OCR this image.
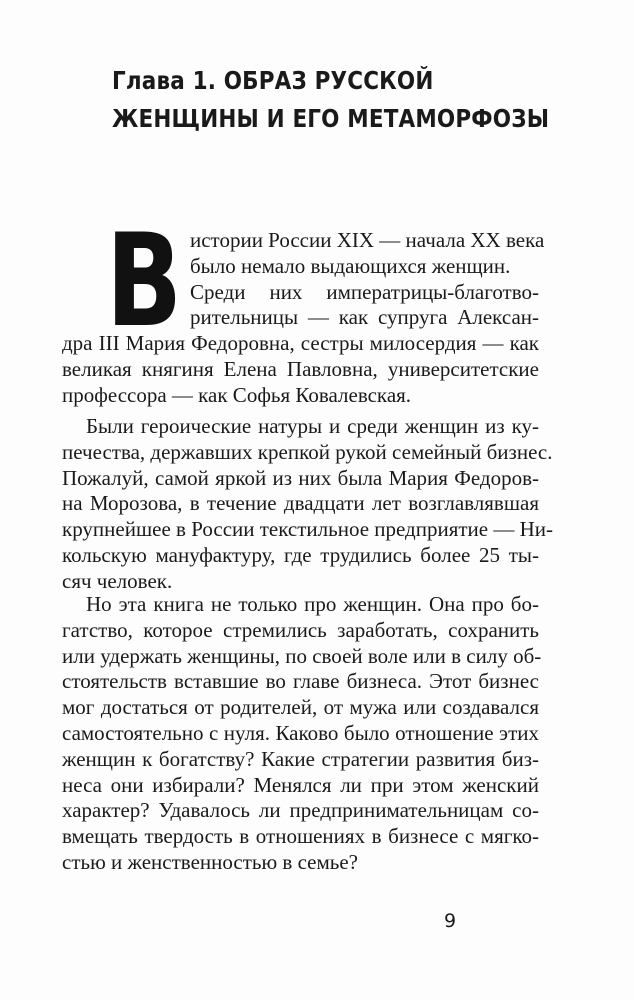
Глава 1. ОБРАЗ РУССКОЙ
ЖЕНЩИНЫ И ЕГО МЕТАМОРФОЗЫ
В истории России XIX — начала XX века
было немало выдающихся женщин.
Среди них императрицы-благотво-
рительницы — как супруга Алексан-
дра III Мария Федоровна, сестры милосердия — как
великая княгиня Елена Павловна, университетские
профессора — как Софья Ковалевская.
Были героические натуры и среди женщин из ку-
печества, державших крепкой рукой семейный бизнес.
Пожалуй, самой яркой из них была Мария Федоров-
на Морозова, в течение двадцати лет возглавлявшая
крупнейшее в России текстильное предприятие — Ни-
кольскую мануфактуру, где трудились более 25 ты-
сяч человек.
Но эта книга не только про женщин. Она про бо-
гатство, которое стремились заработать, сохранить
или удержать женщины, по своей воле или в силу об-
стоятельств вставшие во главе бизнеса. Этот бизнес
мог достаться от родителей, от мужа или создавался
самостоятельно с нуля. Каково было отношение этих
женщин к богатству? Какие стратегии развития биз-
неса они избирали? Менялся ли при этом женский
характер? Удавалось ли предпринимательницам со-
вмещать твердость в отношениях в бизнесе с мягко-
стью и женственностью в семье?
9
